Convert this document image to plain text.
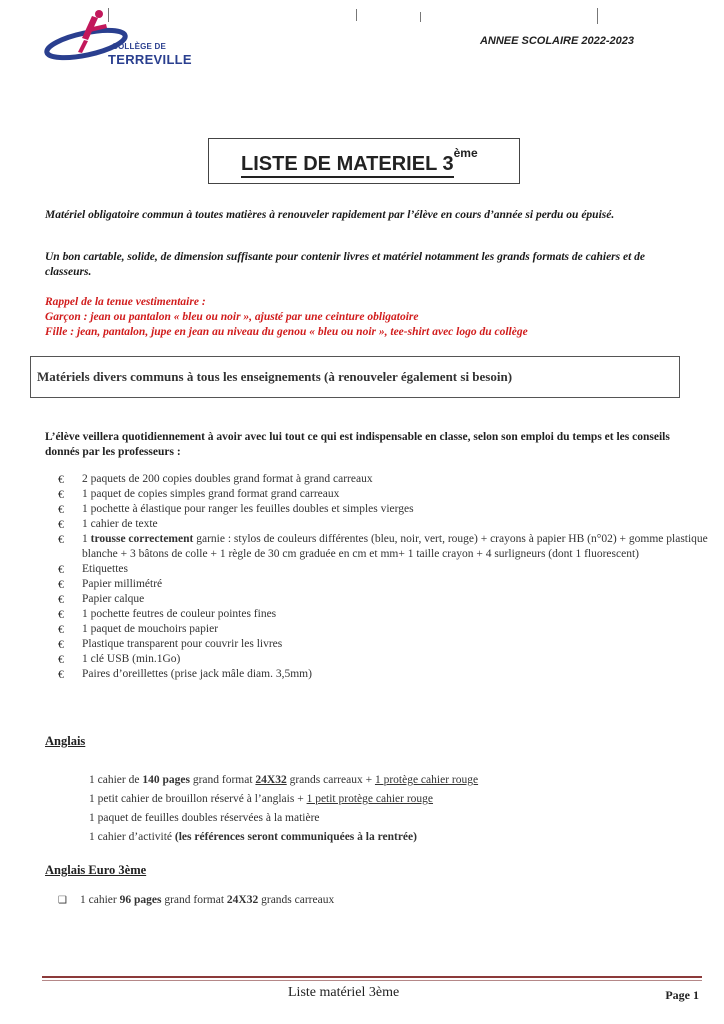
COLLÈGE DE
TERREVILLE
ANNEE SCOLAIRE 2022-2023
LISTE DE MATERIEL 3ème
Matériel obligatoire commun à toutes matières à renouveler rapidement par l’élève en cours d’année si perdu ou épuisé.
Un bon cartable, solide, de dimension suffisante pour contenir livres et matériel notamment les grands formats de cahiers et de classeurs.
Rappel de la tenue vestimentaire :
Garçon : jean ou pantalon « bleu ou noir », ajusté par une ceinture obligatoire
Fille : jean, pantalon, jupe en jean au niveau du genou « bleu ou noir », tee-shirt avec logo du collège
Matériels divers communs à tous les enseignements (à renouveler également si besoin)
L’élève veillera quotidiennement à avoir avec lui tout ce qui est indispensable en classe, selon son emploi du temps et les conseils donnés par les professeurs :
€	2 paquets de 200 copies doubles grand format à grand carreaux
€	1 paquet de copies simples grand format grand carreaux
€	1 pochette à élastique pour ranger les feuilles doubles et simples vierges
€	1 cahier de texte
€	1 trousse correctement garnie : stylos de couleurs différentes (bleu, noir, vert, rouge) + crayons à papier HB (n°02) + gomme plastique blanche + 3 bâtons de colle + 1 règle de 30 cm graduée en cm et mm+ 1 taille crayon + 4 surligneurs (dont 1 fluorescent)
€	Etiquettes
€	Papier millimétré
€	Papier calque
€	1 pochette feutres de couleur pointes fines
€	1 paquet de mouchoirs papier
€	Plastique transparent pour couvrir les livres
€	1 clé USB (min.1Go)
€	Paires d’oreillettes (prise jack mâle diam. 3,5mm)
Anglais
1 cahier de 140 pages grand format 24X32 grands carreaux + 1 protège cahier rouge
1 petit cahier de brouillon réservé à l’anglais + 1 petit protège cahier rouge
1 paquet de feuilles doubles réservées à la matière
1 cahier d’activité (les références seront communiquées à la rentrée)
Anglais Euro 3ème
❑	1 cahier 96 pages grand format 24X32 grands carreaux
Liste matériel 3ème	Page 1
